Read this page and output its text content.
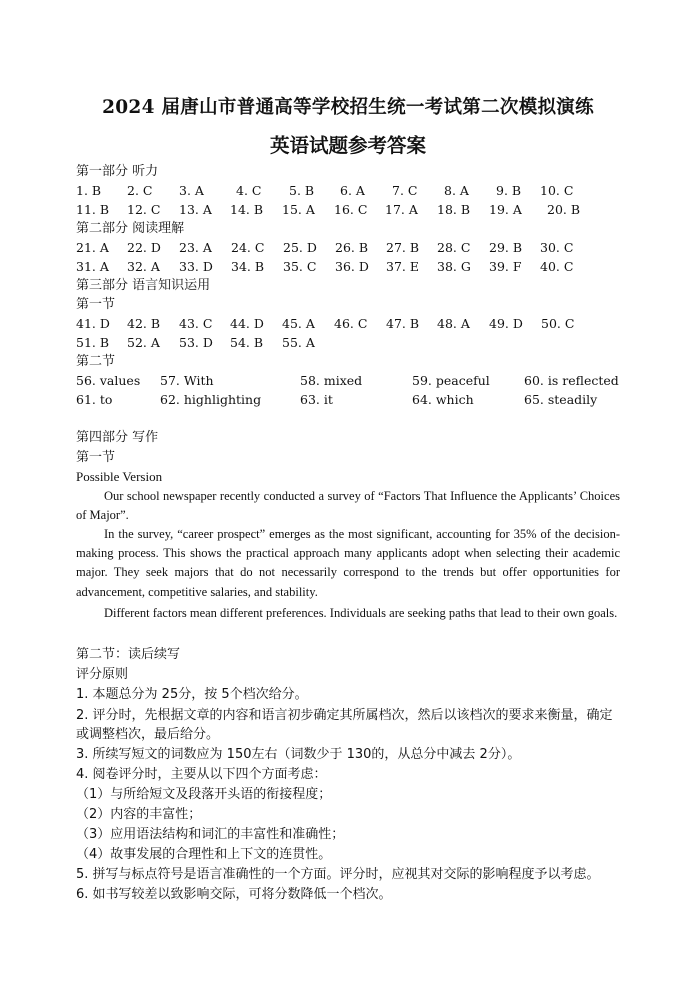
2024 届唐山市普通高等学校招生统一考试第二次模拟演练
英语试题参考答案
第一部分 听力
1. B 2. C 3. A	4. C 5. B 6. A 7. C 8. A 9. B 10. C
11. B 12. C 13. A 14. B 15. A 16. C 17. A 18. B 19. A 20. B
第二部分 阅读理解
21. A 22. D 23. A 24. C 25. D 26. B 27. B 28. C 29. B 30. C
31. A 32. A 33. D 34. B 35. C 36. D 37. E 38. G 39. F 40. C
第三部分 语言知识运用
第一节
41. D 42. B 43. C 44. D 45. A 46. C 47. B 48. A 49. D 50. C
51. B 52. A 53. D 54. B 55. A
第二节
56. values 57. With	58. mixed	59. peaceful	60. is reflected
61. to	62. highlighting	63. it	64. which	65. steadily
第四部分 写作
第一节
Possible Version
Our school newspaper recently conducted a survey of “Factors That Influence the Applicants’ Choices of Major”.
In the survey, “career prospect” emerges as the most significant, accounting for 35% of the decision-making process. This shows the practical approach many applicants adopt when selecting their academic major. They seek majors that do not necessarily correspond to the trends but offer opportunities for advancement, competitive salaries, and stability.
Different factors mean different preferences. Individuals are seeking paths that lead to their own goals.
第二节：读后续写
评分原则
1. 本题总分为 25分，按 5个档次给分。
2. 评分时，先根据文章的内容和语言初步确定其所属档次，然后以该档次的要求来衡量，确定或调整档次，最后给分。
3. 所续写短文的词数应为 150左右（词数少于 130的，从总分中减去 2分）。
4. 阅卷评分时，主要从以下四个方面考虑：
（1）与所给短文及段落开头语的衔接程度；
（2）内容的丰富性；
（3）应用语法结构和词汇的丰富性和准确性；
（4）故事发展的合理性和上下文的连贯性。
5. 拼写与标点符号是语言准确性的一个方面。评分时，应视其对交际的影响程度予以考虑。
6. 如书写较差以致影响交际，可将分数降低一个档次。
